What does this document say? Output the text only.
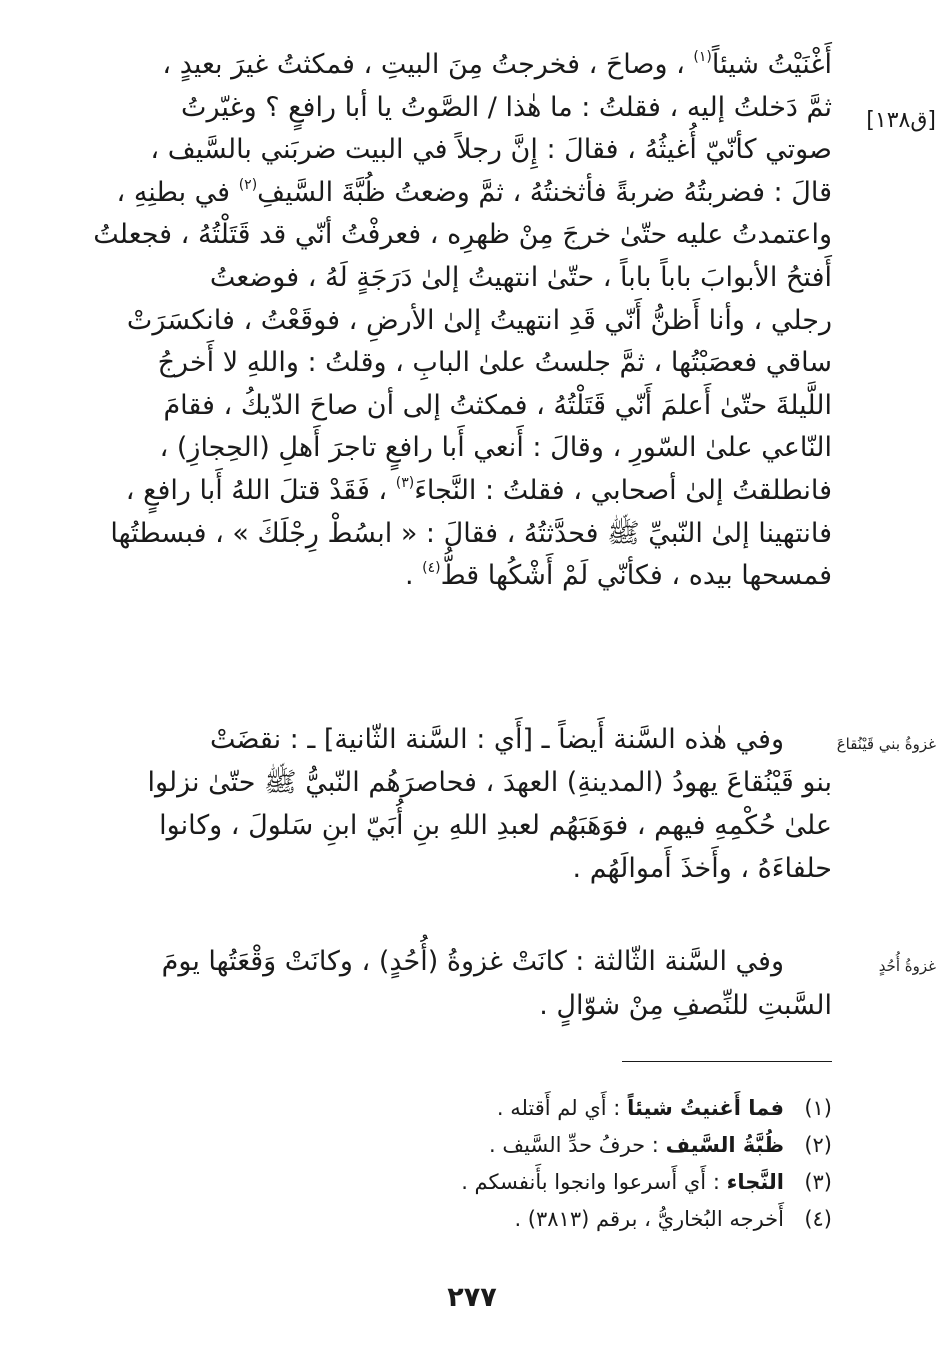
أَغْنَيْتُ شيئاً$^{(١)}$ ، وصاحَ ، فخرجتُ مِنَ البيتِ ، فمكثتُ غيرَ بعيدٍ ،
ثمَّ دَخلتُ إليه ، فقلتُ : ما هٰذا / الصَّوتُ يا أبا رافعٍ ؟ وغيّرتُ
صوتي كأنّيّ أُغيثُهُ ، فقالَ : إِنَّ رجلاً في البيت ضربَني بالسَّيف ،
قالَ : فضربتُهُ ضربةً فأثخنتُهُ ، ثمَّ وضعتُ ظُبَّةَ السَّيفِ$^{(٢)}$ في بطنِهِ ،
واعتمدتُ عليه حتّىٰ خرجَ مِنْ ظهرِه ، فعرفْتُ أنّي قد قَتَلْتُهُ ، فجعلتُ
أَفتحُ الأبوابَ باباً باباً ، حتّىٰ انتهيتُ إلىٰ دَرَجَةٍ لَهُ ، فوضعتُ
رجلي ، وأنا أَظنُّ أَنّي قَدِ انتهيتُ إلىٰ الأرضِ ، فوقَعْتُ ، فانكسَرَتْ
ساقي فعصَبْتُها ، ثمَّ جلستُ علىٰ البابِ ، وقلتُ : واللهِ لا أَخرجُ
اللَّيلةَ حتّىٰ أَعلمَ أَنّي قَتَلْتُهُ ، فمكثتُ إلى أن صاحَ الدّيكُ ، فقامَ
النّاعي علىٰ السّورِ ، وقالَ : أَنعي أَبا رافعٍ تاجرَ أَهلِ (الحِجازِ) ،
فانطلقتُ إلىٰ أصحابي ، فقلتُ : النَّجاءَ$^{(٣)}$ ، فَقَدْ قتلَ اللهُ أَبا رافعٍ ،
فانتهينا إلىٰ النّبيِّ ﷺ فحدَّثتُهُ ، فقالَ : « ابسُطْ رِجْلَكَ » ، فبسطتُها
فمسحها بيده ، فكأنّي لَمْ أَشْكُها قطُّ$^{(٤)}$ .
وفي هٰذه السَّنة أَيضاً ـ [أَي : السَّنة الثّانية] ـ : نقضَتْ
بنو قَيْنُقاعَ يهودُ (المدينةِ) العهدَ ، فحاصرَهُم النّبيُّ ﷺ حتّىٰ نزلوا
علىٰ حُكْمِهِ فيهم ، فوَهَبَهُم لعبدِ اللهِ بنِ أُبَيّ ابنِ سَلولَ ، وكانوا
حلفاءَهُ ، وأَخذَ أَموالَهُم .
وفي السَّنة الثّالثة : كانَتْ غزوةُ (أُحُدٍ) ، وكانَتْ وَقْعَتُها يومَ
السَّبتِ للنِّصفِ مِنْ شوّالٍ .
[ق١٣٨]
غزوةُ بني قَيْنُقاعَ
غزوةُ أُحُدٍ
(١)فما أَغنيتُ شيئاً : أَي لم أَقتله .
(٢)ظُبَّةُ السَّيف : حرفُ حدِّ السَّيف .
(٣)النَّجاء : أَي أَسرعوا وانجوا بأَنفسكم .
(٤)أَخرجه البُخاريُّ ، برقم (٣٨١٣) .
٢٧٧
